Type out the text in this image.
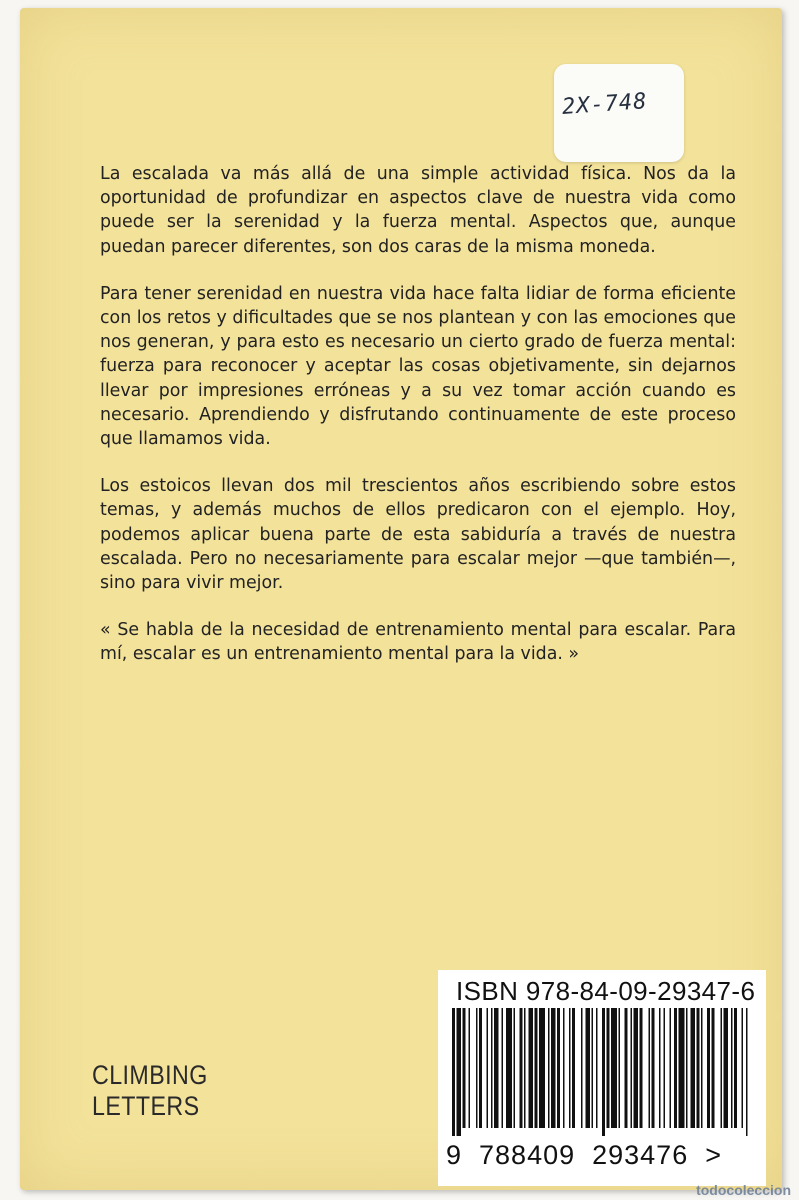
2X-748
CLIMBING
LETTERS
ISBN 978-84-09-29347-6
9  788409  293476  >

La escalada va más allá de una simple actividad física. Nos da la oportunidad de profundizar en aspectos clave de nuestra vida como puede ser la serenidad y la fuerza mental. Aspectos que, aunque puedan parecer diferentes, son dos caras de la misma moneda.

Para tener serenidad en nuestra vida hace falta lidiar de forma eficiente con los retos y dificultades que se nos plantean y con las emociones que nos generan, y para esto es necesario un cierto grado de fuerza mental: fuerza para reconocer y aceptar las cosas objetivamente, sin dejarnos llevar por impresiones erróneas y a su vez tomar acción cuando es necesario. Aprendiendo y disfrutando continuamente de este proceso que llamamos vida.

Los estoicos llevan dos mil trescientos años escribiendo sobre estos temas, y además muchos de ellos predicaron con el ejemplo. Hoy, podemos aplicar buena parte de esta sabiduría a través de nuestra escalada. Pero no necesariamente para escalar mejor —que también—, sino para vivir mejor.

« Se habla de la necesidad de entrenamiento mental para escalar. Para mí, escalar es un entrenamiento mental para la vida. »

todocoleccion
